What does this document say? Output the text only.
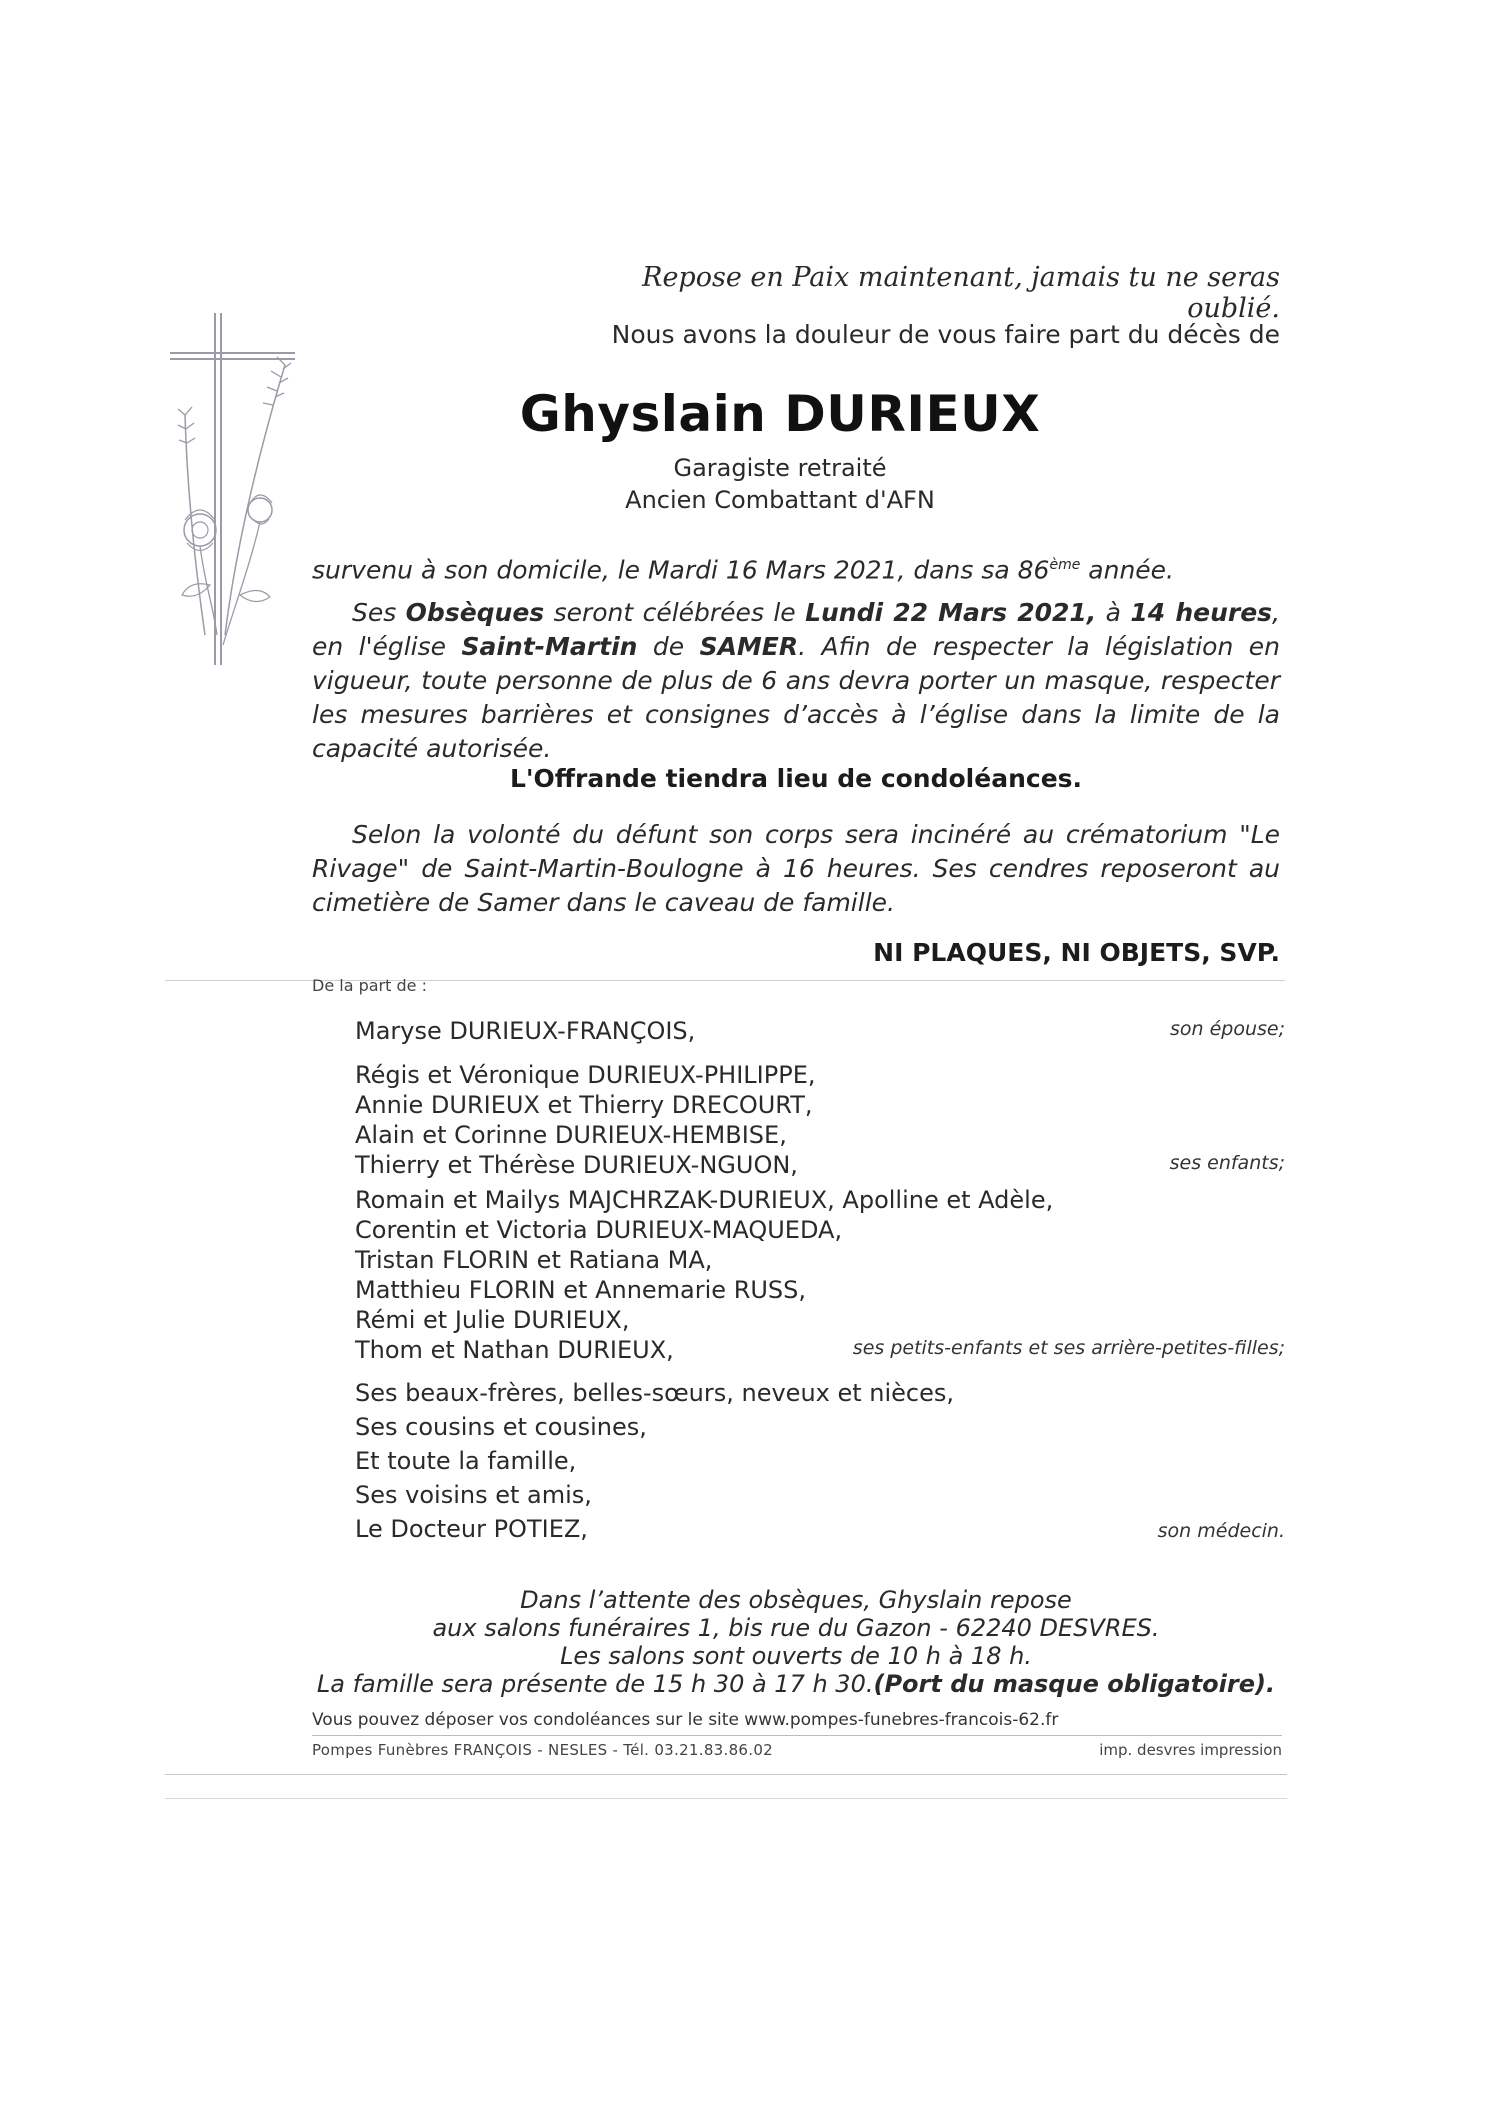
Repose en Paix maintenant, jamais tu ne seras oublié.
Nous avons la douleur de vous faire part du décès de
Ghyslain DURIEUX
Garagiste retraité
Ancien Combattant d'AFN
survenu à son domicile, le Mardi 16 Mars 2021, dans sa 86ème année.
Ses Obsèques seront célébrées le Lundi 22 Mars 2021, à 14 heures, en l'église Saint-Martin de SAMER. Afin de respecter la législation en vigueur, toute personne de plus de 6 ans devra porter un masque, respecter les mesures barrières et consignes d’accès à l’église dans la limite de la capacité autorisée.
L'Offrande tiendra lieu de condoléances.
Selon la volonté du défunt son corps sera incinéré au crématorium "Le Rivage" de Saint-Martin-Boulogne à 16 heures. Ses cendres reposeront au cimetière de Samer dans le caveau de famille.
NI PLAQUES, NI OBJETS, SVP.
De la part de :
Maryse DURIEUX-FRANÇOIS,	son épouse;
Régis et Véronique DURIEUX-PHILIPPE,
Annie DURIEUX et Thierry DRECOURT,
Alain et Corinne DURIEUX-HEMBISE,
Thierry et Thérèse DURIEUX-NGUON,	ses enfants;
Romain et Mailys MAJCHRZAK-DURIEUX, Apolline et Adèle,
Corentin et Victoria DURIEUX-MAQUEDA,
Tristan FLORIN et Ratiana MA,
Matthieu FLORIN et Annemarie RUSS,
Rémi et Julie DURIEUX,
Thom et Nathan DURIEUX,	ses petits-enfants et ses arrière-petites-filles;
Ses beaux-frères, belles-sœurs, neveux et nièces,
Ses cousins et cousines,
Et toute la famille,
Ses voisins et amis,
Le Docteur POTIEZ,	son médecin.
Dans l’attente des obsèques, Ghyslain repose
aux salons funéraires 1, bis rue du Gazon - 62240 DESVRES.
Les salons sont ouverts de 10 h à 18 h.
La famille sera présente de 15 h 30 à 17 h 30.(Port du masque obligatoire).
Vous pouvez déposer vos condoléances sur le site www.pompes-funebres-francois-62.fr
Pompes Funèbres FRANÇOIS - NESLES - Tél. 03.21.83.86.02	imp. desvres impression
